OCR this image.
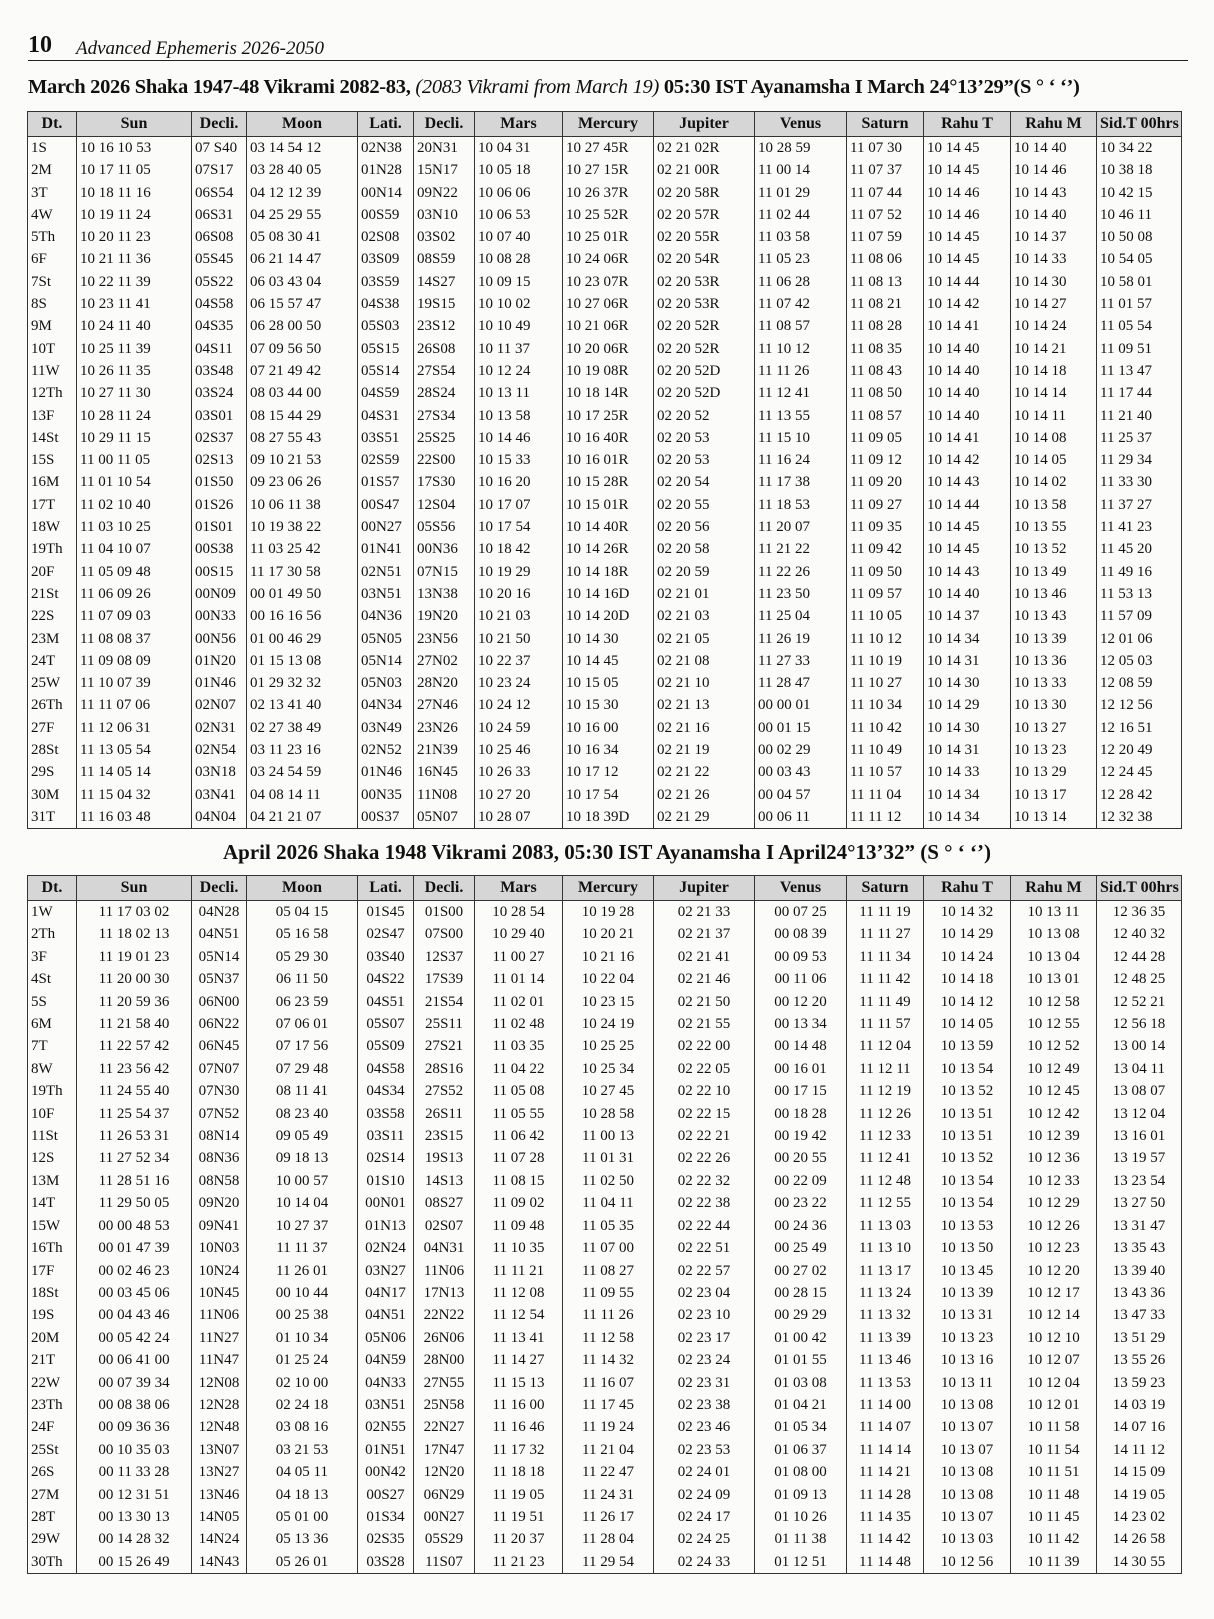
10 Advanced Ephemeris 2026-2050
March 2026 Shaka 1947-48 Vikrami 2082-83, (2083 Vikrami from March 19) 05:30 IST Ayanamsha I March 24°13’29”(S ° ‘ ‘’)
Dt.	Sun	Decli.	Moon	Lati.	Decli.	Mars	Mercury	Jupiter	Venus	Saturn	Rahu T	Rahu M	Sid.T 00hrs
1S	10 16 10 53	07 S40	03 14 54 12	02N38	20N31	10 04 31	10 27 45R	02 21 02R	10 28 59	11 07 30	10 14 45	10 14 40	10 34 22
2M	10 17 11 05	07S17	03 28 40 05	01N28	15N17	10 05 18	10 27 15R	02 21 00R	11 00 14	11 07 37	10 14 45	10 14 46	10 38 18
3T	10 18 11 16	06S54	04 12 12 39	00N14	09N22	10 06 06	10 26 37R	02 20 58R	11 01 29	11 07 44	10 14 46	10 14 43	10 42 15
4W	10 19 11 24	06S31	04 25 29 55	00S59	03N10	10 06 53	10 25 52R	02 20 57R	11 02 44	11 07 52	10 14 46	10 14 40	10 46 11
5Th	10 20 11 23	06S08	05 08 30 41	02S08	03S02	10 07 40	10 25 01R	02 20 55R	11 03 58	11 07 59	10 14 45	10 14 37	10 50 08
6F	10 21 11 36	05S45	06 21 14 47	03S09	08S59	10 08 28	10 24 06R	02 20 54R	11 05 23	11 08 06	10 14 45	10 14 33	10 54 05
7St	10 22 11 39	05S22	06 03 43 04	03S59	14S27	10 09 15	10 23 07R	02 20 53R	11 06 28	11 08 13	10 14 44	10 14 30	10 58 01
8S	10 23 11 41	04S58	06 15 57 47	04S38	19S15	10 10 02	10 27 06R	02 20 53R	11 07 42	11 08 21	10 14 42	10 14 27	11 01 57
9M	10 24 11 40	04S35	06 28 00 50	05S03	23S12	10 10 49	10 21 06R	02 20 52R	11 08 57	11 08 28	10 14 41	10 14 24	11 05 54
10T	10 25 11 39	04S11	07 09 56 50	05S15	26S08	10 11 37	10 20 06R	02 20 52R	11 10 12	11 08 35	10 14 40	10 14 21	11 09 51
11W	10 26 11 35	03S48	07 21 49 42	05S14	27S54	10 12 24	10 19 08R	02 20 52D	11 11 26	11 08 43	10 14 40	10 14 18	11 13 47
12Th	10 27 11 30	03S24	08 03 44 00	04S59	28S24	10 13 11	10 18 14R	02 20 52D	11 12 41	11 08 50	10 14 40	10 14 14	11 17 44
13F	10 28 11 24	03S01	08 15 44 29	04S31	27S34	10 13 58	10 17 25R	02 20 52	11 13 55	11 08 57	10 14 40	10 14 11	11 21 40
14St	10 29 11 15	02S37	08 27 55 43	03S51	25S25	10 14 46	10 16 40R	02 20 53	11 15 10	11 09 05	10 14 41	10 14 08	11 25 37
15S	11 00 11 05	02S13	09 10 21 53	02S59	22S00	10 15 33	10 16 01R	02 20 53	11 16 24	11 09 12	10 14 42	10 14 05	11 29 34
16M	11 01 10 54	01S50	09 23 06 26	01S57	17S30	10 16 20	10 15 28R	02 20 54	11 17 38	11 09 20	10 14 43	10 14 02	11 33 30
17T	11 02 10 40	01S26	10 06 11 38	00S47	12S04	10 17 07	10 15 01R	02 20 55	11 18 53	11 09 27	10 14 44	10 13 58	11 37 27
18W	11 03 10 25	01S01	10 19 38 22	00N27	05S56	10 17 54	10 14 40R	02 20 56	11 20 07	11 09 35	10 14 45	10 13 55	11 41 23
19Th	11 04 10 07	00S38	11 03 25 42	01N41	00N36	10 18 42	10 14 26R	02 20 58	11 21 22	11 09 42	10 14 45	10 13 52	11 45 20
20F	11 05 09 48	00S15	11 17 30 58	02N51	07N15	10 19 29	10 14 18R	02 20 59	11 22 26	11 09 50	10 14 43	10 13 49	11 49 16
21St	11 06 09 26	00N09	00 01 49 50	03N51	13N38	10 20 16	10 14 16D	02 21 01	11 23 50	11 09 57	10 14 40	10 13 46	11 53 13
22S	11 07 09 03	00N33	00 16 16 56	04N36	19N20	10 21 03	10 14 20D	02 21 03	11 25 04	11 10 05	10 14 37	10 13 43	11 57 09
23M	11 08 08 37	00N56	01 00 46 29	05N05	23N56	10 21 50	10 14 30	02 21 05	11 26 19	11 10 12	10 14 34	10 13 39	12 01 06
24T	11 09 08 09	01N20	01 15 13 08	05N14	27N02	10 22 37	10 14 45	02 21 08	11 27 33	11 10 19	10 14 31	10 13 36	12 05 03
25W	11 10 07 39	01N46	01 29 32 32	05N03	28N20	10 23 24	10 15 05	02 21 10	11 28 47	11 10 27	10 14 30	10 13 33	12 08 59
26Th	11 11 07 06	02N07	02 13 41 40	04N34	27N46	10 24 12	10 15 30	02 21 13	00 00 01	11 10 34	10 14 29	10 13 30	12 12 56
27F	11 12 06 31	02N31	02 27 38 49	03N49	23N26	10 24 59	10 16 00	02 21 16	00 01 15	11 10 42	10 14 30	10 13 27	12 16 51
28St	11 13 05 54	02N54	03 11 23 16	02N52	21N39	10 25 46	10 16 34	02 21 19	00 02 29	11 10 49	10 14 31	10 13 23	12 20 49
29S	11 14 05 14	03N18	03 24 54 59	01N46	16N45	10 26 33	10 17 12	02 21 22	00 03 43	11 10 57	10 14 33	10 13 29	12 24 45
30M	11 15 04 32	03N41	04 08 14 11	00N35	11N08	10 27 20	10 17 54	02 21 26	00 04 57	11 11 04	10 14 34	10 13 17	12 28 42
31T	11 16 03 48	04N04	04 21 21 07	00S37	05N07	10 28 07	10 18 39D	02 21 29	00 06 11	11 11 12	10 14 34	10 13 14	12 32 38
April 2026 Shaka 1948 Vikrami 2083, 05:30 IST Ayanamsha I April24°13’32” (S ° ‘ ‘’)
Dt.	Sun	Decli.	Moon	Lati.	Decli.	Mars	Mercury	Jupiter	Venus	Saturn	Rahu T	Rahu M	Sid.T 00hrs
1W	11 17 03 02	04N28	05 04 15	01S45	01S00	10 28 54	10 19 28	02 21 33	00 07 25	11 11 19	10 14 32	10 13 11	12 36 35
2Th	11 18 02 13	04N51	05 16 58	02S47	07S00	10 29 40	10 20 21	02 21 37	00 08 39	11 11 27	10 14 29	10 13 08	12 40 32
3F	11 19 01 23	05N14	05 29 30	03S40	12S37	11 00 27	10 21 16	02 21 41	00 09 53	11 11 34	10 14 24	10 13 04	12 44 28
4St	11 20 00 30	05N37	06 11 50	04S22	17S39	11 01 14	10 22 04	02 21 46	00 11 06	11 11 42	10 14 18	10 13 01	12 48 25
5S	11 20 59 36	06N00	06 23 59	04S51	21S54	11 02 01	10 23 15	02 21 50	00 12 20	11 11 49	10 14 12	10 12 58	12 52 21
6M	11 21 58 40	06N22	07 06 01	05S07	25S11	11 02 48	10 24 19	02 21 55	00 13 34	11 11 57	10 14 05	10 12 55	12 56 18
7T	11 22 57 42	06N45	07 17 56	05S09	27S21	11 03 35	10 25 25	02 22 00	00 14 48	11 12 04	10 13 59	10 12 52	13 00 14
8W	11 23 56 42	07N07	07 29 48	04S58	28S16	11 04 22	10 25 34	02 22 05	00 16 01	11 12 11	10 13 54	10 12 49	13 04 11
19Th	11 24 55 40	07N30	08 11 41	04S34	27S52	11 05 08	10 27 45	02 22 10	00 17 15	11 12 19	10 13 52	10 12 45	13 08 07
10F	11 25 54 37	07N52	08 23 40	03S58	26S11	11 05 55	10 28 58	02 22 15	00 18 28	11 12 26	10 13 51	10 12 42	13 12 04
11St	11 26 53 31	08N14	09 05 49	03S11	23S15	11 06 42	11 00 13	02 22 21	00 19 42	11 12 33	10 13 51	10 12 39	13 16 01
12S	11 27 52 34	08N36	09 18 13	02S14	19S13	11 07 28	11 01 31	02 22 26	00 20 55	11 12 41	10 13 52	10 12 36	13 19 57
13M	11 28 51 16	08N58	10 00 57	01S10	14S13	11 08 15	11 02 50	02 22 32	00 22 09	11 12 48	10 13 54	10 12 33	13 23 54
14T	11 29 50 05	09N20	10 14 04	00N01	08S27	11 09 02	11 04 11	02 22 38	00 23 22	11 12 55	10 13 54	10 12 29	13 27 50
15W	00 00 48 53	09N41	10 27 37	01N13	02S07	11 09 48	11 05 35	02 22 44	00 24 36	11 13 03	10 13 53	10 12 26	13 31 47
16Th	00 01 47 39	10N03	11 11 37	02N24	04N31	11 10 35	11 07 00	02 22 51	00 25 49	11 13 10	10 13 50	10 12 23	13 35 43
17F	00 02 46 23	10N24	11 26 01	03N27	11N06	11 11 21	11 08 27	02 22 57	00 27 02	11 13 17	10 13 45	10 12 20	13 39 40
18St	00 03 45 06	10N45	00 10 44	04N17	17N13	11 12 08	11 09 55	02 23 04	00 28 15	11 13 24	10 13 39	10 12 17	13 43 36
19S	00 04 43 46	11N06	00 25 38	04N51	22N22	11 12 54	11 11 26	02 23 10	00 29 29	11 13 32	10 13 31	10 12 14	13 47 33
20M	00 05 42 24	11N27	01 10 34	05N06	26N06	11 13 41	11 12 58	02 23 17	01 00 42	11 13 39	10 13 23	10 12 10	13 51 29
21T	00 06 41 00	11N47	01 25 24	04N59	28N00	11 14 27	11 14 32	02 23 24	01 01 55	11 13 46	10 13 16	10 12 07	13 55 26
22W	00 07 39 34	12N08	02 10 00	04N33	27N55	11 15 13	11 16 07	02 23 31	01 03 08	11 13 53	10 13 11	10 12 04	13 59 23
23Th	00 08 38 06	12N28	02 24 18	03N51	25N58	11 16 00	11 17 45	02 23 38	01 04 21	11 14 00	10 13 08	10 12 01	14 03 19
24F	00 09 36 36	12N48	03 08 16	02N55	22N27	11 16 46	11 19 24	02 23 46	01 05 34	11 14 07	10 13 07	10 11 58	14 07 16
25St	00 10 35 03	13N07	03 21 53	01N51	17N47	11 17 32	11 21 04	02 23 53	01 06 37	11 14 14	10 13 07	10 11 54	14 11 12
26S	00 11 33 28	13N27	04 05 11	00N42	12N20	11 18 18	11 22 47	02 24 01	01 08 00	11 14 21	10 13 08	10 11 51	14 15 09
27M	00 12 31 51	13N46	04 18 13	00S27	06N29	11 19 05	11 24 31	02 24 09	01 09 13	11 14 28	10 13 08	10 11 48	14 19 05
28T	00 13 30 13	14N05	05 01 00	01S34	00N27	11 19 51	11 26 17	02 24 17	01 10 26	11 14 35	10 13 07	10 11 45	14 23 02
29W	00 14 28 32	14N24	05 13 36	02S35	05S29	11 20 37	11 28 04	02 24 25	01 11 38	11 14 42	10 13 03	10 11 42	14 26 58
30Th	00 15 26 49	14N43	05 26 01	03S28	11S07	11 21 23	11 29 54	02 24 33	01 12 51	11 14 48	10 12 56	10 11 39	14 30 55
